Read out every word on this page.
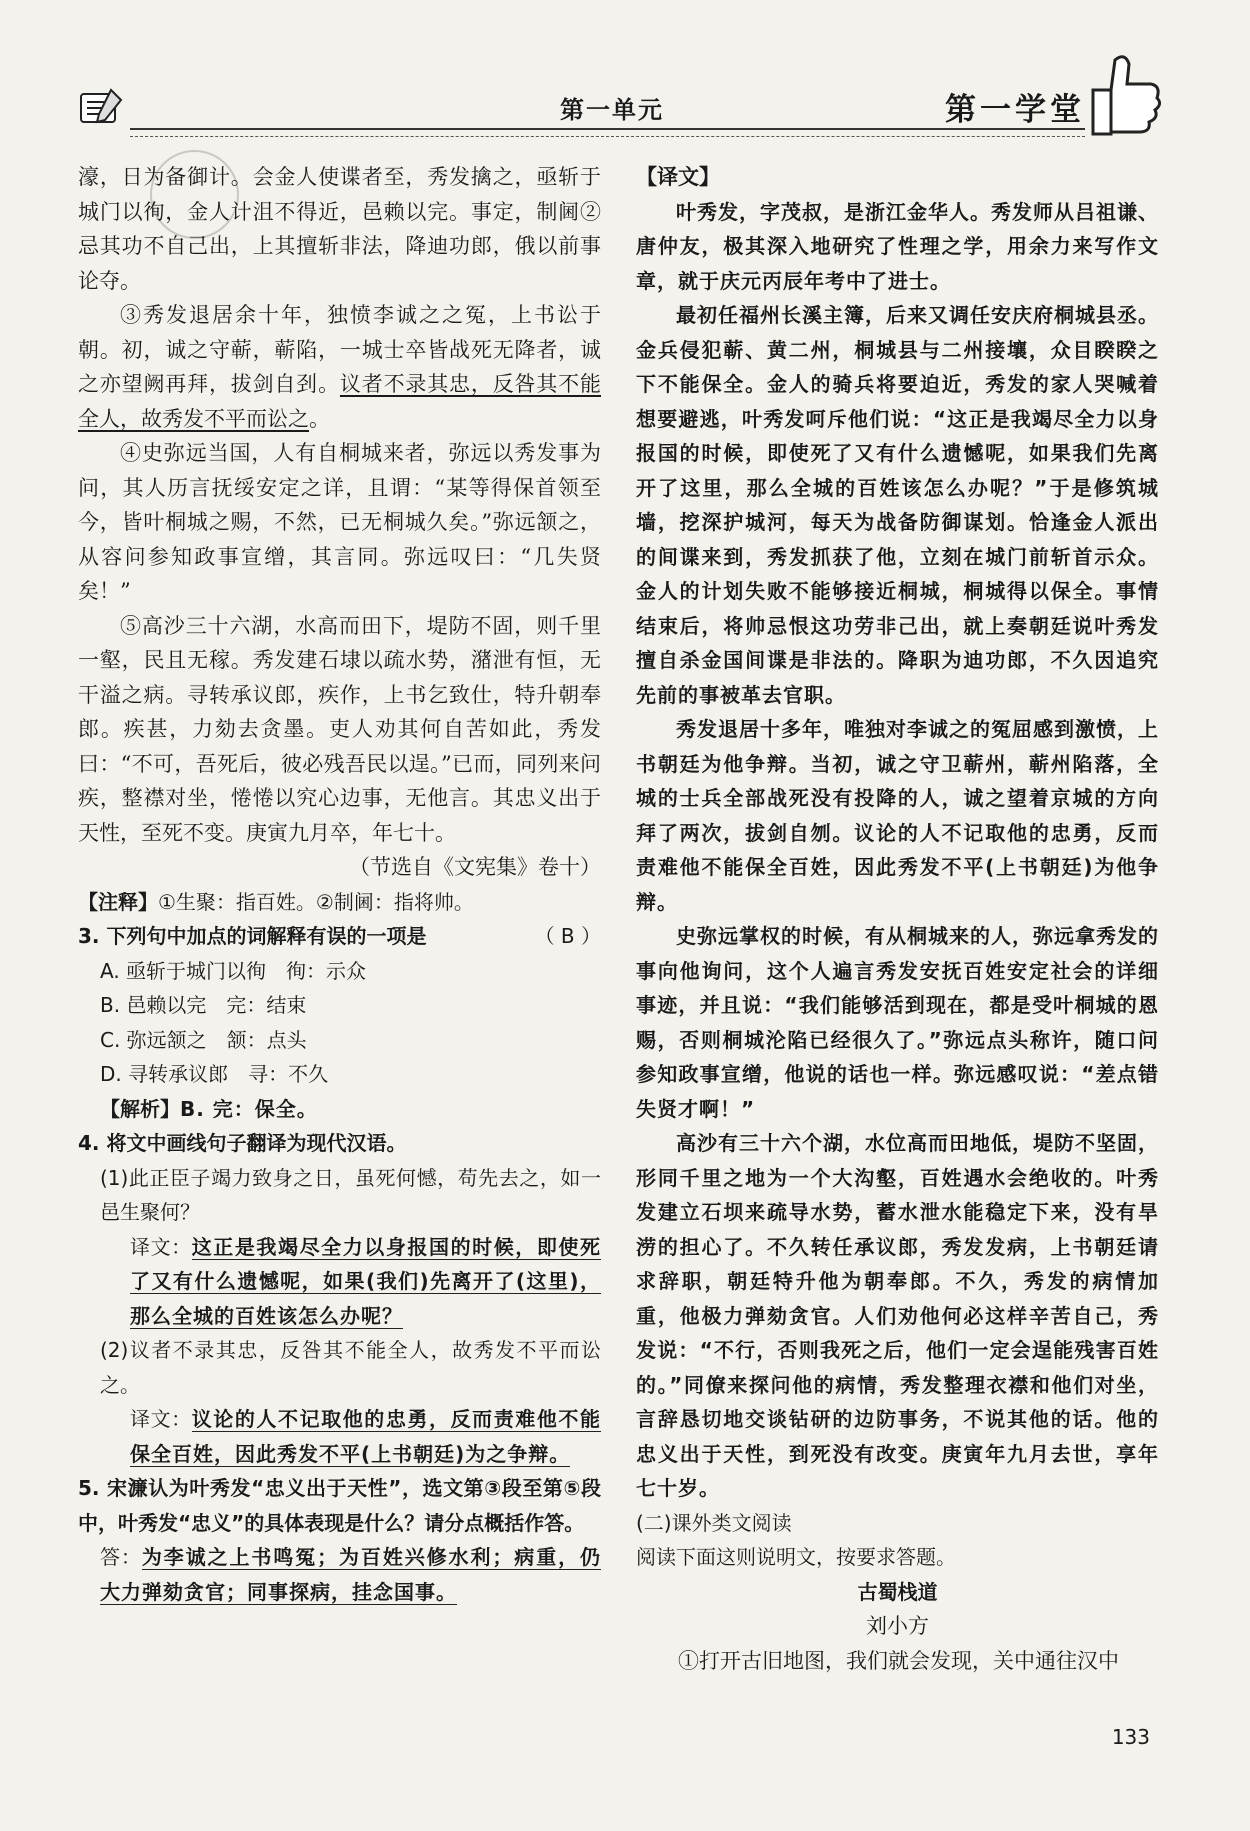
第一单元	第一学堂

濠，日为备御计。会金人使谍者至，秀发擒之，亟斩于城门以徇，金人计沮不得近，邑赖以完。事定，制阃②忌其功不自己出，上其擅斩非法，降迪功郎，俄以前事论夺。

③秀发退居余十年，独愤李诚之之冤，上书讼于朝。初，诚之守蕲，蕲陷，一城士卒皆战死无降者，诚之亦望阙再拜，拔剑自刭。议者不录其忠，反咎其不能全人，故秀发不平而讼之。

④史弥远当国，人有自桐城来者，弥远以秀发事为问，其人历言抚绥安定之详，且谓：“某等得保首领至今，皆叶桐城之赐，不然，已无桐城久矣。”弥远颔之，从容问参知政事宣缯，其言同。弥远叹曰：“几失贤矣！”

⑤高沙三十六湖，水高而田下，堤防不固，则千里一壑，民且无稼。秀发建石埭以疏水势，潴泄有恒，无干溢之病。寻转承议郎，疾作，上书乞致仕，特升朝奉郎。疾甚，力劾去贪墨。吏人劝其何自苦如此，秀发曰：“不可，吾死后，彼必残吾民以逞。”已而，同列来问疾，整襟对坐，惓惓以究心边事，无他言。其忠义出于天性，至死不变。庚寅九月卒，年七十。

（节选自《文宪集》卷十）

【注释】①生聚：指百姓。②制阃：指将帅。

3. 下列句中加点的词解释有误的一项是	（ B ）

A. 亟斩于城门以徇　徇：示众

B. 邑赖以完　完：结束

C. 弥远颔之　颔：点头

D. 寻转承议郎　寻：不久

【解析】B. 完：保全。

4. 将文中画线句子翻译为现代汉语。

(1)此正臣子竭力致身之日，虽死何憾，苟先去之，如一邑生聚何？

译文：这正是我竭尽全力以身报国的时候，即使死了又有什么遗憾呢，如果(我们)先离开了(这里)，那么全城的百姓该怎么办呢？

(2)议者不录其忠，反咎其不能全人，故秀发不平而讼之。

译文：议论的人不记取他的忠勇，反而责难他不能保全百姓，因此秀发不平(上书朝廷)为之争辩。

5. 宋濂认为叶秀发“忠义出于天性”，选文第③段至第⑤段中，叶秀发“忠义”的具体表现是什么？请分点概括作答。

答：为李诚之上书鸣冤；为百姓兴修水利；病重，仍大力弹劾贪官；同事探病，挂念国事。

【译文】

叶秀发，字茂叔，是浙江金华人。秀发师从吕祖谦、唐仲友，极其深入地研究了性理之学，用余力来写作文章，就于庆元丙辰年考中了进士。

最初任福州长溪主簿，后来又调任安庆府桐城县丞。金兵侵犯蕲、黄二州，桐城县与二州接壤，众目睽睽之下不能保全。金人的骑兵将要迫近，秀发的家人哭喊着想要避逃，叶秀发呵斥他们说：“这正是我竭尽全力以身报国的时候，即使死了又有什么遗憾呢，如果我们先离开了这里，那么全城的百姓该怎么办呢？”于是修筑城墙，挖深护城河，每天为战备防御谋划。恰逢金人派出的间谍来到，秀发抓获了他，立刻在城门前斩首示众。金人的计划失败不能够接近桐城，桐城得以保全。事情结束后，将帅忌恨这功劳非己出，就上奏朝廷说叶秀发擅自杀金国间谍是非法的。降职为迪功郎，不久因追究先前的事被革去官职。

秀发退居十多年，唯独对李诚之的冤屈感到激愤，上书朝廷为他争辩。当初，诚之守卫蕲州，蕲州陷落，全城的士兵全部战死没有投降的人，诚之望着京城的方向拜了两次，拔剑自刎。议论的人不记取他的忠勇，反而责难他不能保全百姓，因此秀发不平(上书朝廷)为他争辩。

史弥远掌权的时候，有从桐城来的人，弥远拿秀发的事向他询问，这个人遍言秀发安抚百姓安定社会的详细事迹，并且说：“我们能够活到现在，都是受叶桐城的恩赐，否则桐城沦陷已经很久了。”弥远点头称许，随口问参知政事宣缯，他说的话也一样。弥远感叹说：“差点错失贤才啊！”

高沙有三十六个湖，水位高而田地低，堤防不坚固，形同千里之地为一个大沟壑，百姓遇水会绝收的。叶秀发建立石坝来疏导水势，蓄水泄水能稳定下来，没有旱涝的担心了。不久转任承议郎，秀发发病，上书朝廷请求辞职，朝廷特升他为朝奉郎。不久，秀发的病情加重，他极力弹劾贪官。人们劝他何必这样辛苦自己，秀发说：“不行，否则我死之后，他们一定会逞能残害百姓的。”同僚来探问他的病情，秀发整理衣襟和他们对坐，言辞恳切地交谈钻研的边防事务，不说其他的话。他的忠义出于天性，到死没有改变。庚寅年九月去世，享年七十岁。

(二)课外类文阅读

阅读下面这则说明文，按要求答题。

古蜀栈道

刘小方

①打开古旧地图，我们就会发现，关中通往汉中

133
